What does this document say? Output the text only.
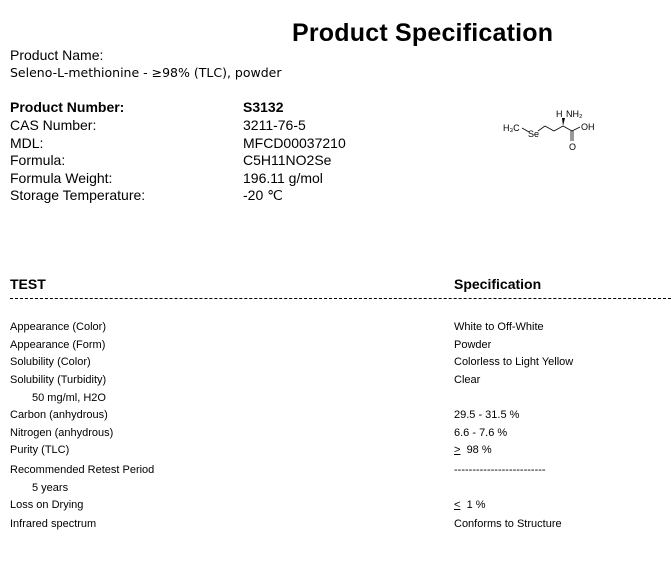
Product Specification
Product Name:
Seleno-L-methionine - ≥98% (TLC), powder
Product Number:	S3132
CAS Number:	3211-76-5
MDL:	MFCD00037210
Formula:	C5H11NO2Se
Formula Weight:	196.11 g/mol
Storage Temperature:	-20 ℃
H₃C
Se
H NH₂
OH
O
TEST	Specification
Appearance (Color)	White to Off-White
Appearance (Form)	Powder
Solubility (Color)	Colorless to Light Yellow
Solubility (Turbidity)	Clear
50 mg/ml, H2O
Carbon (anhydrous)	29.5 - 31.5 %
Nitrogen (anhydrous)	6.6 - 7.6 %
Purity (TLC)	≥ 98 %
Recommended Retest Period	-------------------------
5 years
Loss on Drying	≤ 1 %
Infrared spectrum	Conforms to Structure
